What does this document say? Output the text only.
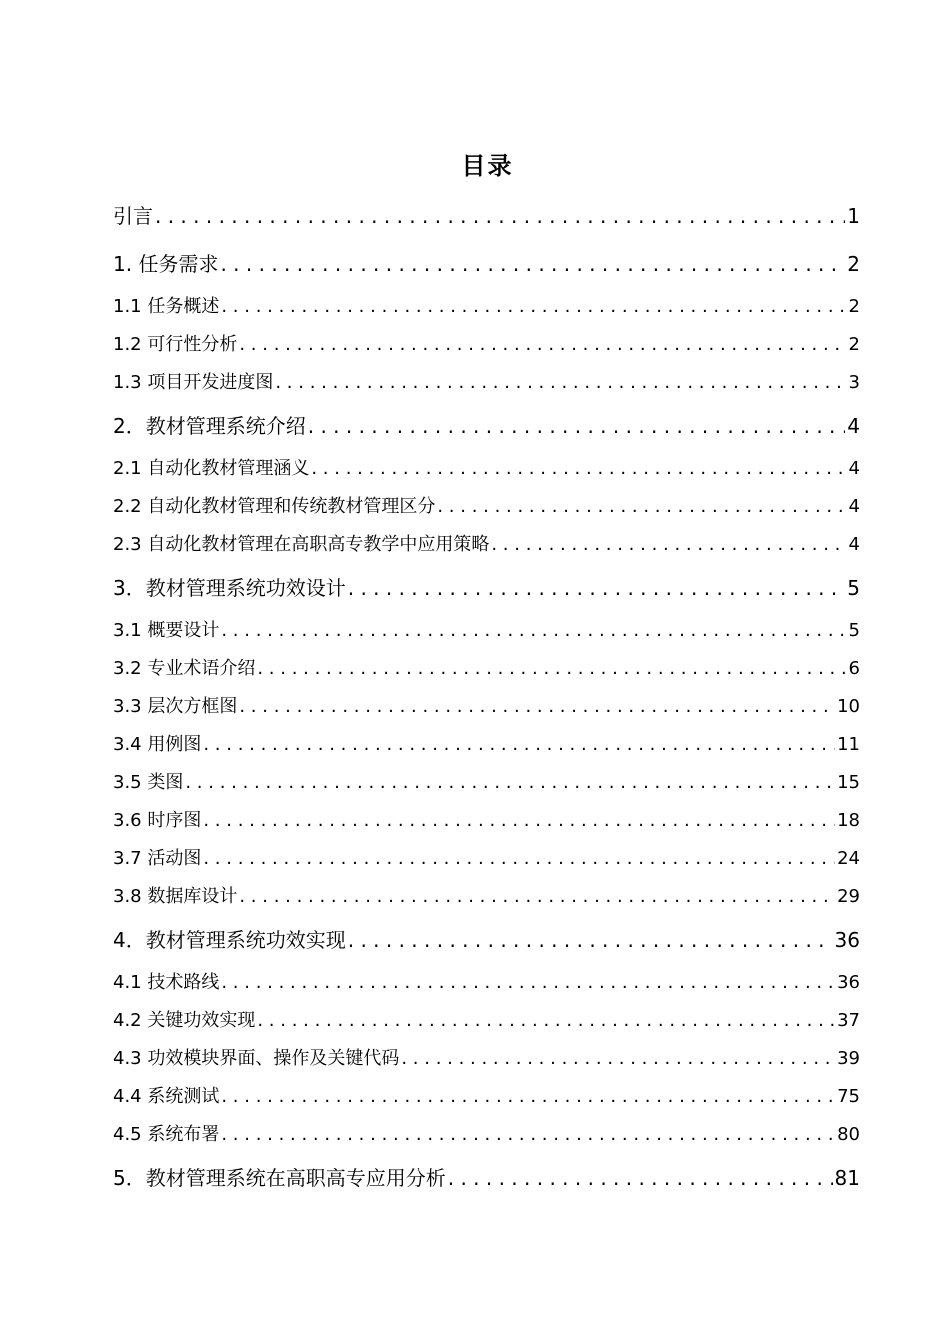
目录
引言 . . .	1
1. 任务需求 . . .	2
1.1 任务概述 . . .	2
1.2 可行性分析 . . .	2
1.3 项目开发进度图 . . .	3
2．教材管理系统介绍 . . .	4
2.1 自动化教材管理涵义 . . .	4
2.2 自动化教材管理和传统教材管理区分 . . .	4
2.3 自动化教材管理在高职高专教学中应用策略 . . .	4
3．教材管理系统功效设计 . . .	5
3.1 概要设计 . . .	5
3.2 专业术语介绍 . . .	6
3.3 层次方框图 . . .	10
3.4 用例图 . . .	11
3.5 类图 . . .	15
3.6 时序图 . . .	18
3.7 活动图 . . .	24
3.8 数据库设计 . . .	29
4．教材管理系统功效实现 . . .	36
4.1 技术路线 . . .	36
4.2 关键功效实现 . . .	37
4.3 功效模块界面、操作及关键代码 . . .	39
4.4 系统测试 . . .	75
4.5 系统布署 . . .	80
5．教材管理系统在高职高专应用分析 . . .	81
